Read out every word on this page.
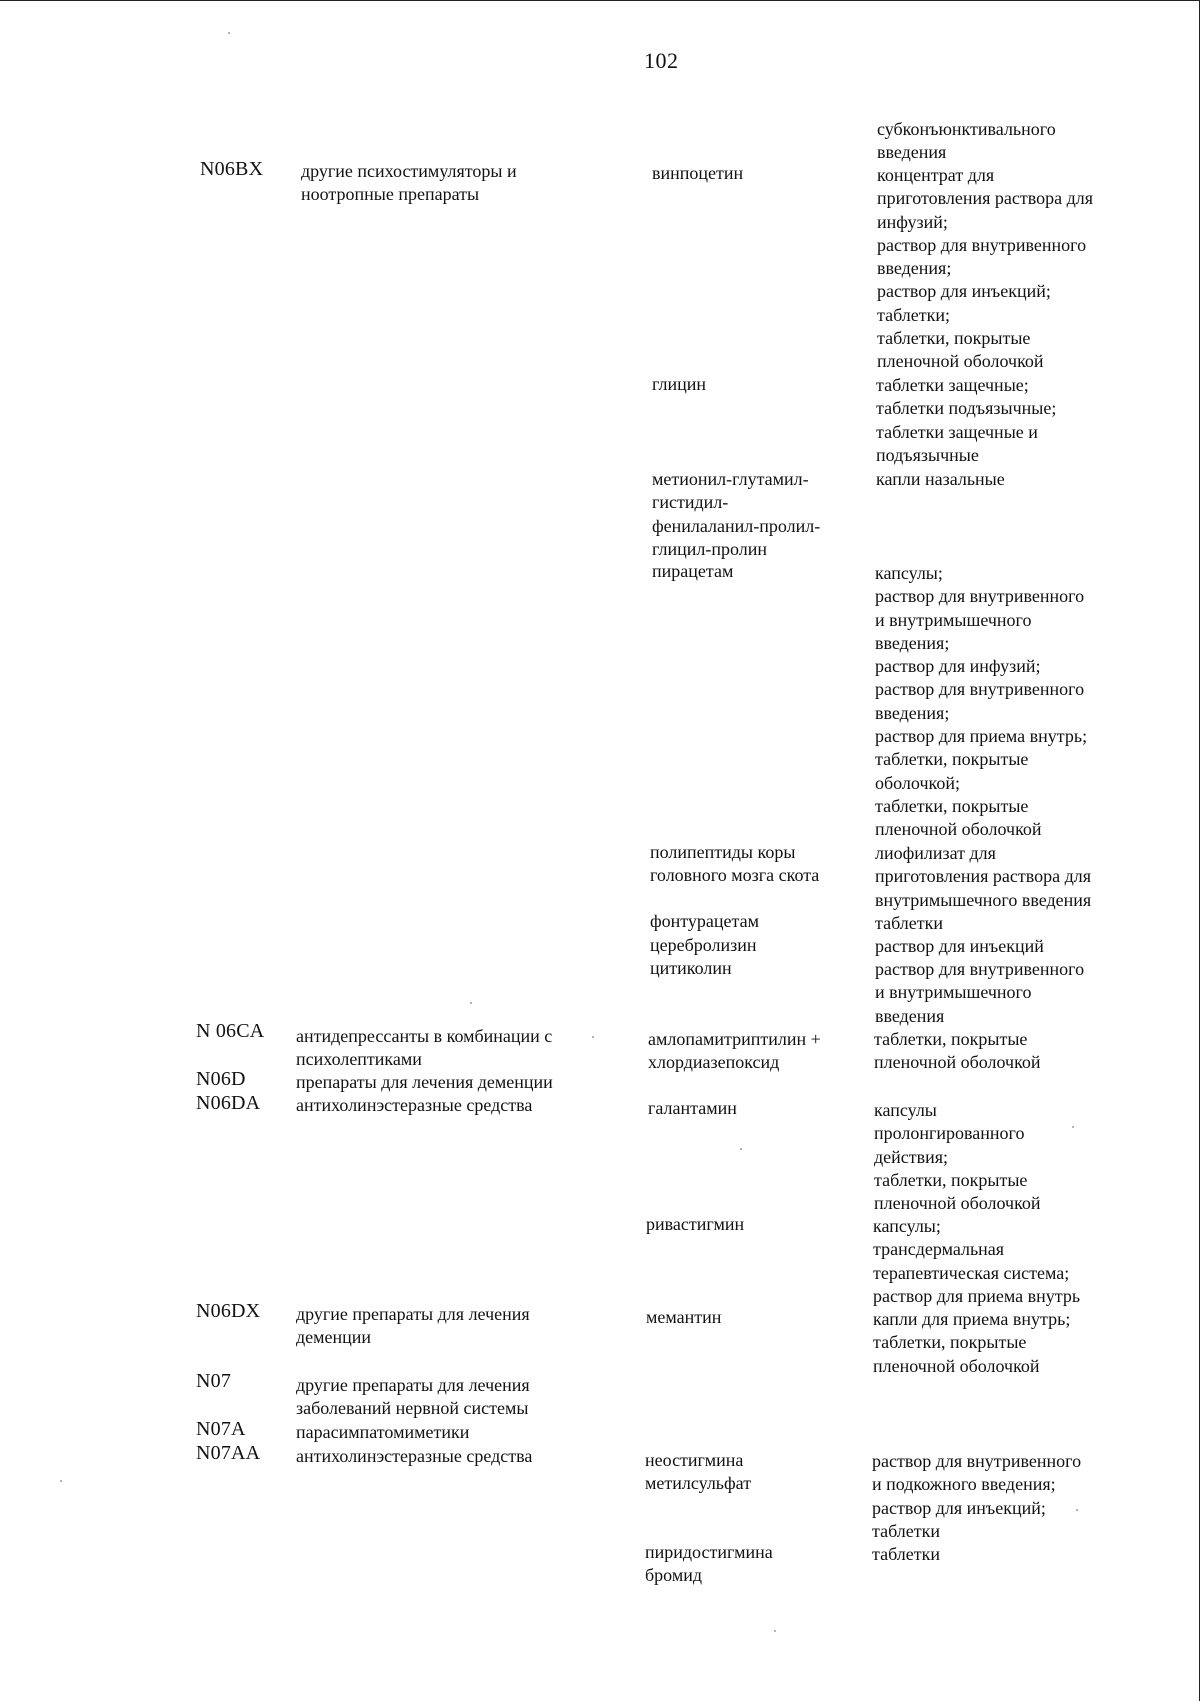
102
N06BX
N 06CA
N06D
N06DA
N06DX
N07
N07A
N07AA
другие психостимуляторы и
ноотропные препараты
антидепрессанты в комбинации с
психолептиками
препараты для лечения деменции
антихолинэстеразные средства
другие препараты для лечения
деменции
другие препараты для лечения
заболеваний нервной системы
парасимпатомиметики
антихолинэстеразные средства
винпоцетин
глицин
метионил-глутамил-
гистидил-
фенилаланил-пролил-
глицил-пролин
пирацетам
полипептиды коры
головного мозга скота
фонтурацетам
церебролизин
цитиколин
амлопамитриптилин +
хлордиазепоксид
галантамин
ривастигмин
мемантин
неостигмина
метилсульфат
пиридостигмина
бромид
субконъюнктивального
введения
концентрат для
приготовления раствора для
инфузий;
раствор для внутривенного
введения;
раствор для инъекций;
таблетки;
таблетки, покрытые
пленочной оболочкой
таблетки защечные;
таблетки подъязычные;
таблетки защечные и
подъязычные
капли назальные
капсулы;
раствор для внутривенного
и внутримышечного
введения;
раствор для инфузий;
раствор для внутривенного
введения;
раствор для приема внутрь;
таблетки, покрытые
оболочкой;
таблетки, покрытые
пленочной оболочкой
лиофилизат для
приготовления раствора для
внутримышечного введения
таблетки
раствор для инъекций
раствор для внутривенного
и внутримышечного
введения
таблетки, покрытые
пленочной оболочкой
капсулы
пролонгированного
действия;
таблетки, покрытые
пленочной оболочкой
капсулы;
трансдермальная
терапевтическая система;
раствор для приема внутрь
капли для приема внутрь;
таблетки, покрытые
пленочной оболочкой
раствор для внутривенного
и подкожного введения;
раствор для инъекций;
таблетки
таблетки
